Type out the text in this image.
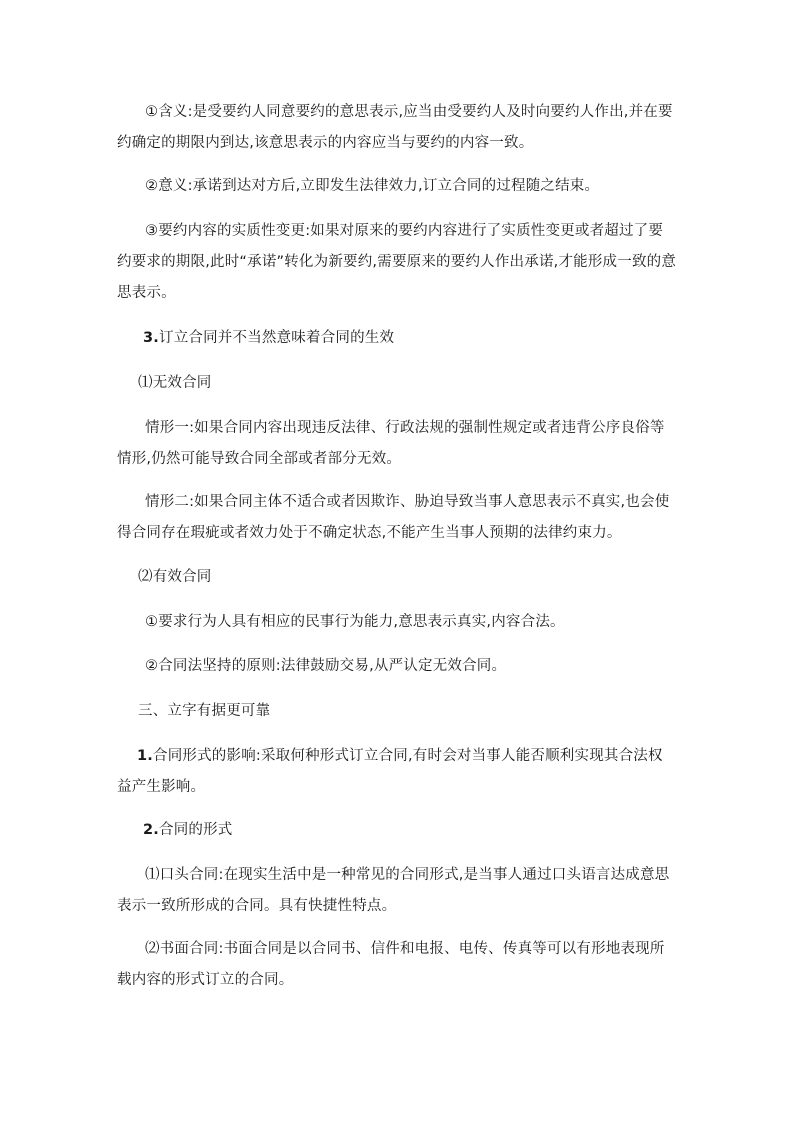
①含义:是受要约人同意要约的意思表示,应当由受要约人及时向要约人作出,并在要约确定的期限内到达,该意思表示的内容应当与要约的内容一致。

②意义:承诺到达对方后,立即发生法律效力,订立合同的过程随之结束。

③要约内容的实质性变更:如果对原来的要约内容进行了实质性变更或者超过了要约要求的期限,此时“承诺”转化为新要约,需要原来的要约人作出承诺,才能形成一致的意思表示。

3.订立合同并不当然意味着合同的生效

⑴无效合同

情形一:如果合同内容出现违反法律、行政法规的强制性规定或者违背公序良俗等情形,仍然可能导致合同全部或者部分无效。

情形二:如果合同主体不适合或者因欺诈、胁迫导致当事人意思表示不真实,也会使得合同存在瑕疵或者效力处于不确定状态,不能产生当事人预期的法律约束力。

⑵有效合同

①要求行为人具有相应的民事行为能力,意思表示真实,内容合法。

②合同法坚持的原则:法律鼓励交易,从严认定无效合同。

三、立字有据更可靠

1.合同形式的影响:采取何种形式订立合同,有时会对当事人能否顺利实现其合法权益产生影响。

2.合同的形式

⑴口头合同:在现实生活中是一种常见的合同形式,是当事人通过口头语言达成意思表示一致所形成的合同。具有快捷性特点。

⑵书面合同:书面合同是以合同书、信件和电报、电传、传真等可以有形地表现所载内容的形式订立的合同。
